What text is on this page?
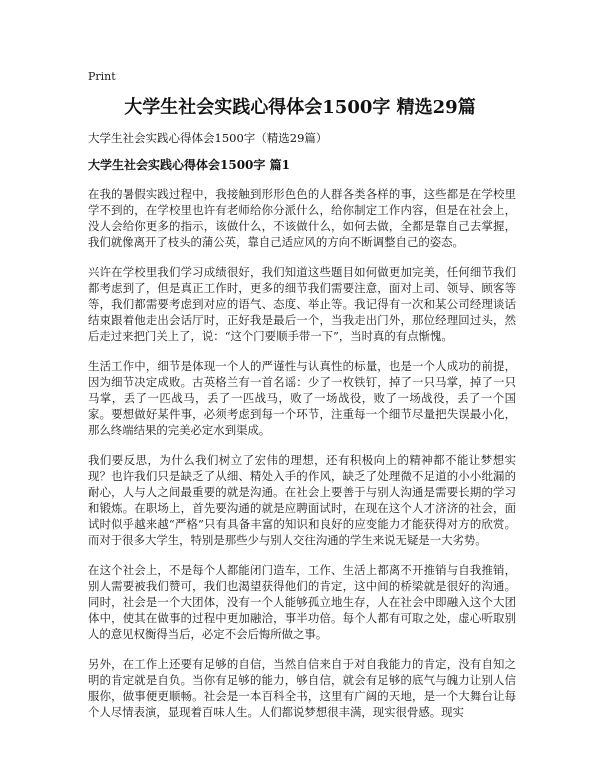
Print
大学生社会实践心得体会1500字 精选29篇

大学生社会实践心得体会1500字（精选29篇）

大学生社会实践心得体会1500字 篇1

在我的暑假实践过程中，我接触到形形色色的人群各类各样的事，这些都是在学校里学不到的，在学校里也许有老师给你分派什么，给你制定工作内容，但是在社会上，没人会给你更多的指示，该做什么，不该做什么，如何去做，全都是靠自己去掌握，我们就像离开了枝头的蒲公英，靠自己适应风的方向不断调整自己的姿态。

兴许在学校里我们学习成绩很好，我们知道这些题目如何做更加完美，任何细节我们都考虑到了，但是真正工作时，更多的细节我们需要注意，面对上司、领导、顾客等等，我们都需要考虑到对应的语气、态度、举止等。我记得有一次和某公司经理谈话结束跟着他走出会话厅时，正好我是最后一个，当我走出门外，那位经理回过头，然后走过来把门关上了，说：“这个门要顺手带一下”，当时真的有点惭愧。

生活工作中，细节是体现一个人的严谨性与认真性的标量，也是一个人成功的前提，因为细节决定成败。古英格兰有一首名谣：少了一枚铁钉，掉了一只马掌，掉了一只马掌，丢了一匹战马，丢了一匹战马，败了一场战役，败了一场战役，丢了一个国家。要想做好某件事，必须考虑到每一个环节，注重每一个细节尽量把失误最小化，那么终端结果的完美必定水到渠成。

我们要反思，为什么我们树立了宏伟的理想，还有积极向上的精神都不能让梦想实现？也许我们只是缺乏了从细、精处入手的作风，缺乏了处理微不足道的小小纰漏的耐心，人与人之间最重要的就是沟通。在社会上要善于与别人沟通是需要长期的学习和锻炼。在职场上，首先要沟通的就是应聘面试时，在现在这个人才济济的社会，面试时似乎越来越“严格”只有具备丰富的知识和良好的应变能力才能获得对方的欣赏。而对于很多大学生，特别是那些少与别人交往沟通的学生来说无疑是一大劣势。

在这个社会上，不是每个人都能闭门造车，工作、生活上都离不开推销与自我推销，别人需要被我们赞可，我们也渴望获得他们的肯定，这中间的桥梁就是很好的沟通。同时，社会是一个大团体，没有一个人能够孤立地生存，人在社会中即融入这个大团体中，使其在做事的过程中更加融洽，事半功倍。每个人都有可取之处，虚心听取别人的意见权衡得当后，必定不会后悔所做之事。

另外，在工作上还要有足够的自信，当然自信来自于对自我能力的肯定，没有自知之明的肯定就是自负。当你有足够的能力，够自信，就会有足够的底气与魄力让别人信服你，做事便更顺畅。社会是一本百科全书，这里有广阔的天地，是一个大舞台让每个人尽情表演，显现着百味人生。人们都说梦想很丰满，现实很骨感。现实
